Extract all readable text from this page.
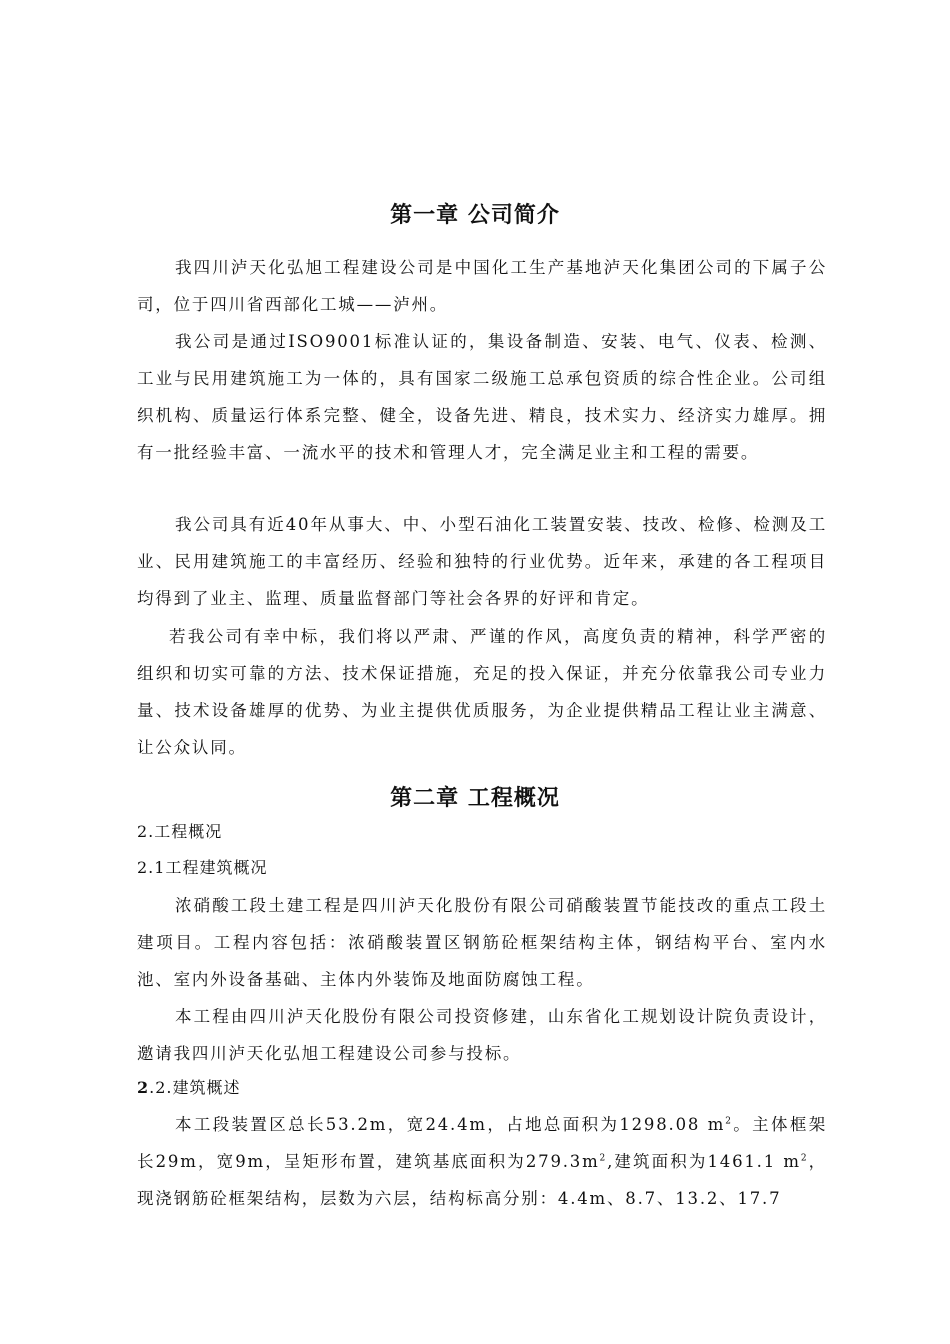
第一章 公司简介

我四川泸天化弘旭工程建设公司是中国化工生产基地泸天化集团公司的下属子公司，位于四川省西部化工城——泸州。

我公司是通过ISO9001标准认证的，集设备制造、安装、电气、仪表、检测、工业与民用建筑施工为一体的，具有国家二级施工总承包资质的综合性企业。公司组织机构、质量运行体系完整、健全，设备先进、精良，技术实力、经济实力雄厚。拥有一批经验丰富、一流水平的技术和管理人才，完全满足业主和工程的需要。

我公司具有近40年从事大、中、小型石油化工装置安装、技改、检修、检测及工业、民用建筑施工的丰富经历、经验和独特的行业优势。近年来，承建的各工程项目均得到了业主、监理、质量监督部门等社会各界的好评和肯定。

若我公司有幸中标，我们将以严肃、严谨的作风，高度负责的精神，科学严密的组织和切实可靠的方法、技术保证措施，充足的投入保证，并充分依靠我公司专业力量、技术设备雄厚的优势、为业主提供优质服务，为企业提供精品工程让业主满意、让公众认同。

第二章 工程概况
2.工程概况
2.1工程建筑概况

浓硝酸工段土建工程是四川泸天化股份有限公司硝酸装置节能技改的重点工段土建项目。工程内容包括：浓硝酸装置区钢筋砼框架结构主体，钢结构平台、室内水池、室内外设备基础、主体内外装饰及地面防腐蚀工程。

本工程由四川泸天化股份有限公司投资修建，山东省化工规划设计院负责设计，邀请我四川泸天化弘旭工程建设公司参与投标。

2.2.建筑概述

本工段装置区总长53.2m，宽24.4m，占地总面积为1298.08 $m^2$。主体框架长29m，宽9m，呈矩形布置，建筑基底面积为$279.3m^2$,建筑面积为1461.1 $m^2$，现浇钢筋砼框架结构，层数为六层，结构标高分别：4.4m、8.7、13.2、17.7
